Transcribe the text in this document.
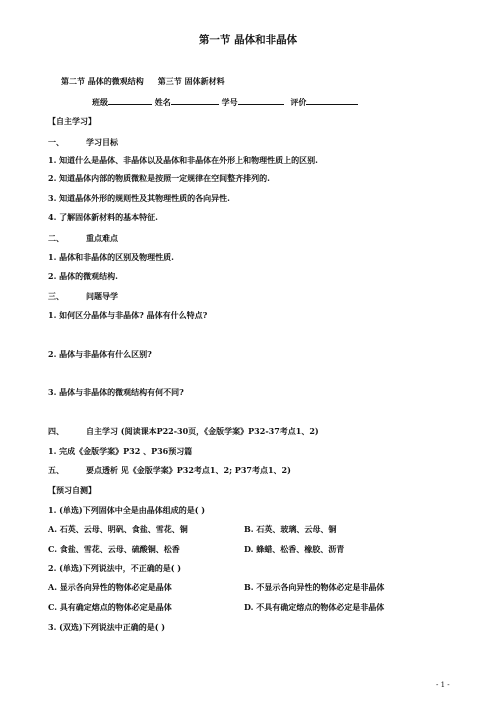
第一节 晶体和非晶体
第二节 晶体的微观结构 第三节 固体新材料
班级	姓名	学号	评价
【自主学习】
一、	学习目标
1. 知道什么是晶体、非晶体以及晶体和非晶体在外形上和物理性质上的区别.
2. 知道晶体内部的物质微粒是按照一定规律在空间整齐排列的.
3. 知道晶体外形的规则性及其物理性质的各向异性.
4. 了解固体新材料的基本特征.
二、	重点难点
1. 晶体和非晶体的区别及物理性质.
2. 晶体的微观结构.
三、	问题导学
1. 如何区分晶体与非晶体? 晶体有什么特点?
2. 晶体与非晶体有什么区别?
3. 晶体与非晶体的微观结构有何不同?
四、	自主学习 (阅读课本P22-30页，《金版学案》P32-37考点1、2)
1. 完成《金版学案》P32 、P36预习篇
五、	要点透析 见《金版学案》P32考点1、2; P37考点1、2)
【预习自测】
1. (单选)下列固体中全是由晶体组成的是( )
A. 石英、云母、明矾、食盐、雪花、铜	B. 石英、玻璃、云母、铜
C. 食盐、雪花、云母、硫酸铜、松香	D. 蜂蜡、松香、橡胶、沥青
2. (单选)下列说法中，不正确的是( )
A. 显示各向异性的物体必定是晶体	B. 不显示各向异性的物体必定是非晶体
C. 具有确定熔点的物体必定是晶体	D. 不具有确定熔点的物体必定是非晶体
3. (双选)下列说法中正确的是( )
- 1 -
